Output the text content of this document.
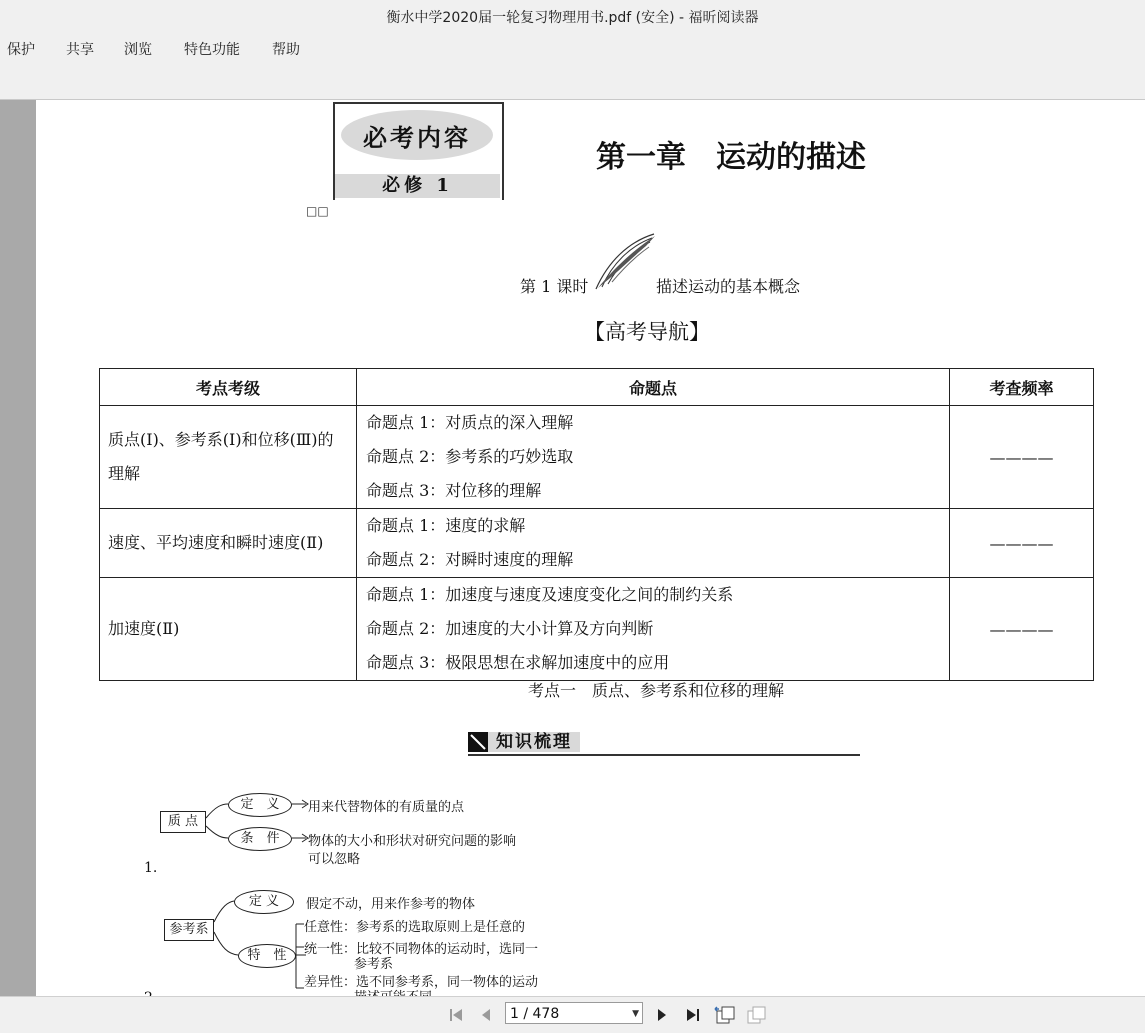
衡水中学2020届一轮复习物理用书.pdf (安全) - 福昕阅读器
保护 共享 浏览 特色功能 帮助
必考内容
必修 1
□□
第一章　运动的描述
第 1 课时	描述运动的基本概念
【高考导航】
考点考级	命题点	考查频率
质点(Ⅰ)、参考系(Ⅰ)和位移(Ⅲ)的理解	命题点 1：对质点的深入理解
命题点 2：参考系的巧妙选取
命题点 3：对位移的理解	————
速度、平均速度和瞬时速度(Ⅱ)	命题点 1：速度的求解
命题点 2：对瞬时速度的理解	————
加速度(Ⅱ)	命题点 1：加速度与速度及速度变化之间的制约关系
命题点 2：加速度的大小计算及方向判断
命题点 3：极限思想在求解加速度中的应用	————
考点一　质点、参考系和位移的理解
知识梳理
质 点
定　义
条　件
用来代替物体的有质量的点
物体的大小和形状对研究问题的影响
可以忽略
1.
参考系
定 义
特　性
假定不动，用来作参考的物体
任意性：参考系的选取原则上是任意的
统一性：比较不同物体的运动时，选同一
参考系
差异性：选不同参考系，同一物体的运动
1 / 478	▼
